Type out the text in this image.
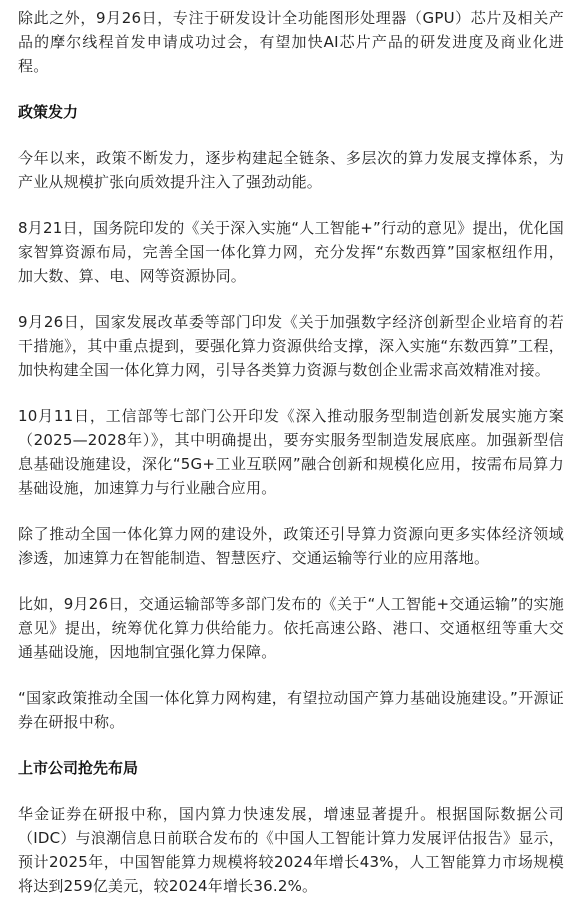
除此之外，9月26日，专注于研发设计全功能图形处理器（GPU）芯片及相关产品的摩尔线程首发申请成功过会，有望加快AI芯片产品的研发进度及商业化进程。

政策发力

今年以来，政策不断发力，逐步构建起全链条、多层次的算力发展支撑体系，为产业从规模扩张向质效提升注入了强劲动能。

8月21日，国务院印发的《关于深入实施“人工智能+”行动的意见》提出，优化国家智算资源布局，完善全国一体化算力网，充分发挥“东数西算”国家枢纽作用，加大数、算、电、网等资源协同。

9月26日，国家发展改革委等部门印发《关于加强数字经济创新型企业培育的若干措施》，其中重点提到，要强化算力资源供给支撑，深入实施“东数西算”工程，加快构建全国一体化算力网，引导各类算力资源与数创企业需求高效精准对接。

10月11日，工信部等七部门公开印发《深入推动服务型制造创新发展实施方案（2025—2028年）》，其中明确提出，要夯实服务型制造发展底座。加强新型信息基础设施建设，深化“5G+工业互联网”融合创新和规模化应用，按需布局算力基础设施，加速算力与行业融合应用。

除了推动全国一体化算力网的建设外，政策还引导算力资源向更多实体经济领域渗透，加速算力在智能制造、智慧医疗、交通运输等行业的应用落地。

比如，9月26日，交通运输部等多部门发布的《关于“人工智能+交通运输”的实施意见》提出，统筹优化算力供给能力。依托高速公路、港口、交通枢纽等重大交通基础设施，因地制宜强化算力保障。

“国家政策推动全国一体化算力网构建，有望拉动国产算力基础设施建设。”开源证券在研报中称。

上市公司抢先布局

华金证券在研报中称，国内算力快速发展，增速显著提升。根据国际数据公司（IDC）与浪潮信息日前联合发布的《中国人工智能计算力发展评估报告》显示，预计2025年，中国智能算力规模将较2024年增长43%，人工智能算力市场规模将达到259亿美元，较2024年增长36.2%。
